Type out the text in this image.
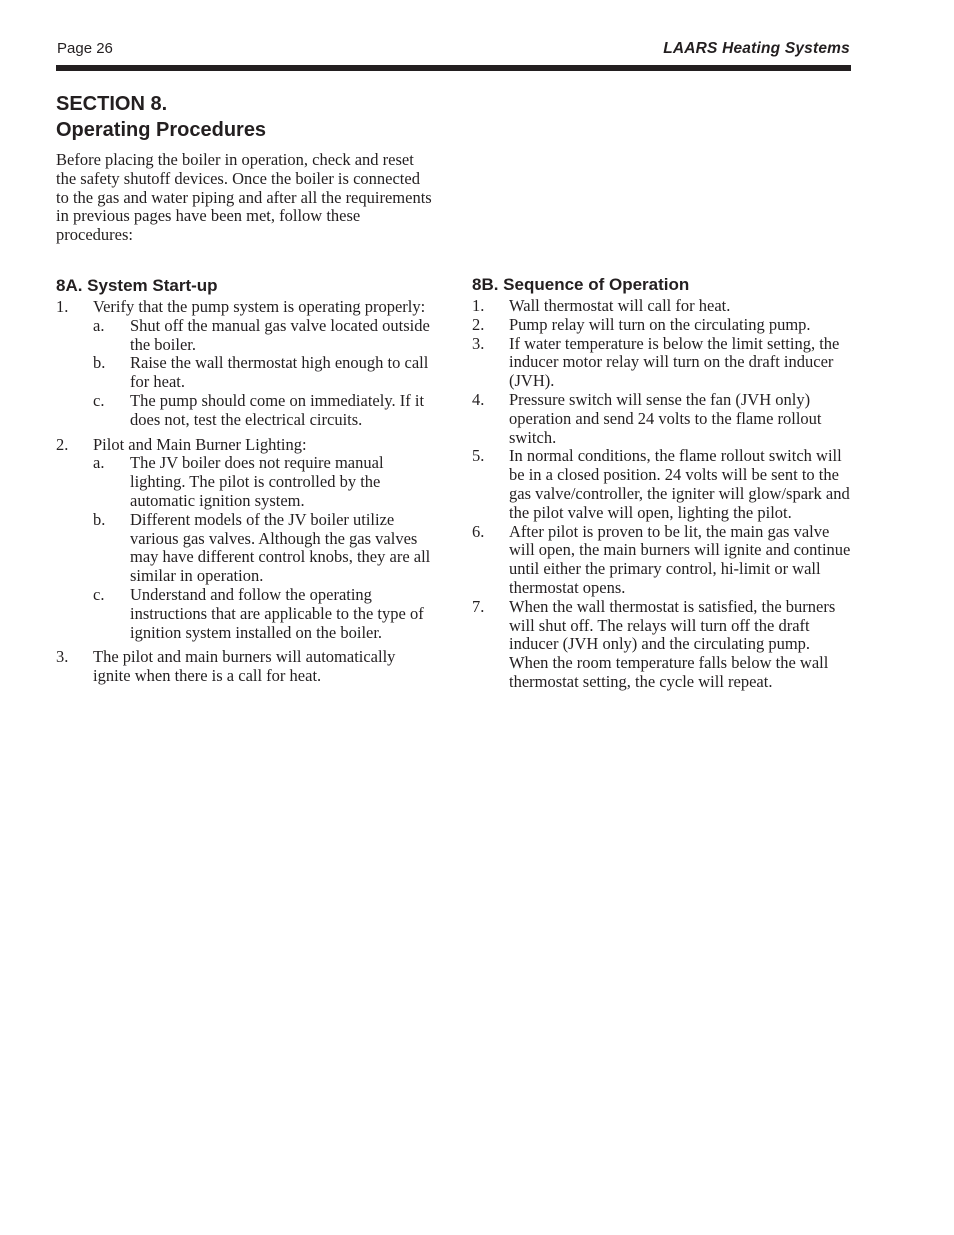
Page 26	LAARS Heating Systems
SECTION 8.
Operating Procedures
Before placing the boiler in operation, check and reset the safety shutoff devices. Once the boiler is connected to the gas and water piping and after all the requirements in previous pages have been met, follow these procedures:
8A. System Start-up
1. Verify that the pump system is operating properly:
a. Shut off the manual gas valve located outside the boiler.
b. Raise the wall thermostat high enough to call for heat.
c. The pump should come on immediately. If it does not, test the electrical circuits.
2. Pilot and Main Burner Lighting:
a. The JV boiler does not require manual lighting. The pilot is controlled by the automatic ignition system.
b. Different models of the JV boiler utilize various gas valves. Although the gas valves may have different control knobs, they are all similar in operation.
c. Understand and follow the operating instructions that are applicable to the type of ignition system installed on the boiler.
3. The pilot and main burners will automatically ignite when there is a call for heat.
8B. Sequence of Operation
1. Wall thermostat will call for heat.
2. Pump relay will turn on the circulating pump.
3. If water temperature is below the limit setting, the inducer motor relay will turn on the draft inducer (JVH).
4. Pressure switch will sense the fan (JVH only) operation and send 24 volts to the flame rollout switch.
5. In normal conditions, the flame rollout switch will be in a closed position. 24 volts will be sent to the gas valve/controller, the igniter will glow/spark and the pilot valve will open, lighting the pilot.
6. After pilot is proven to be lit, the main gas valve will open, the main burners will ignite and continue until either the primary control, hi-limit or wall thermostat opens.
7. When the wall thermostat is satisfied, the burners will shut off. The relays will turn off the draft inducer (JVH only) and the circulating pump. When the room temperature falls below the wall thermostat setting, the cycle will repeat.
